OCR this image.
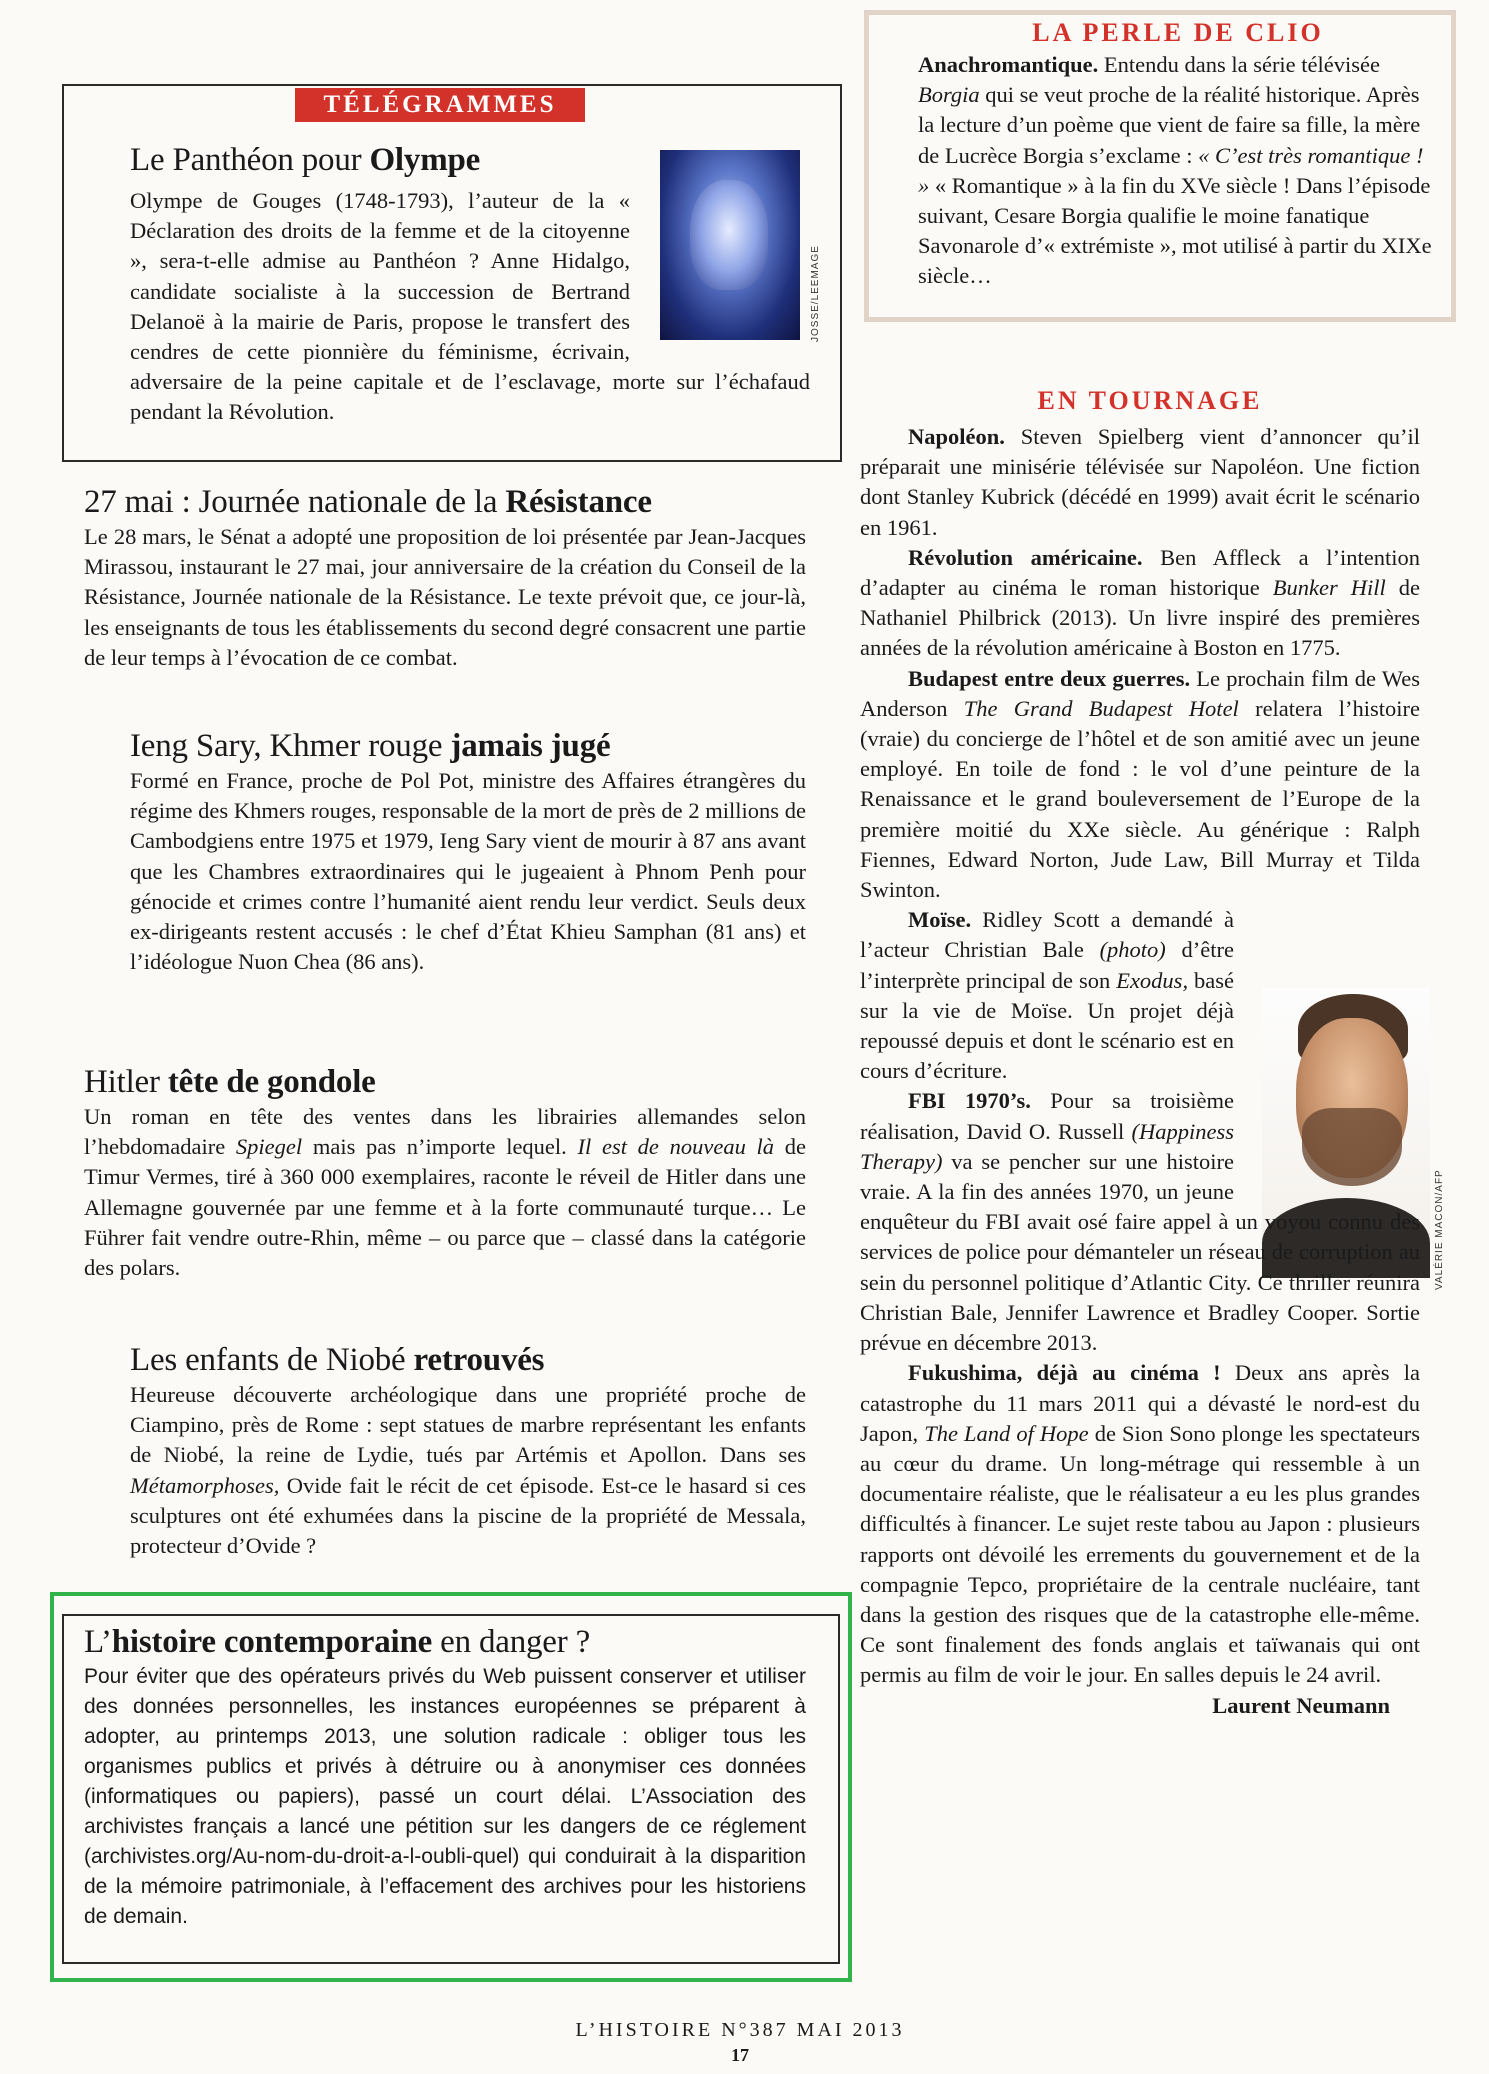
TÉLÉGRAMMES
JOSSE/LEEMAGE
Le Panthéon pour Olympe

Olympe de Gouges (1748-1793), l’auteur de la « Déclaration des droits de la femme et de la citoyenne », sera-t-elle admise au Panthéon ? Anne Hidalgo, candidate socialiste à la succession de Bertrand Delanoë à la mairie de Paris, propose le transfert des cendres de cette pionnière du féminisme, écrivain, adversaire de la peine capitale et de l’esclavage, morte sur l’échafaud pendant la Révolution.

27 mai : Journée nationale de la Résistance

Le 28 mars, le Sénat a adopté une proposition de loi présentée par Jean-Jacques Mirassou, instaurant le 27 mai, jour anniversaire de la création du Conseil de la Résistance, Journée nationale de la Résistance. Le texte prévoit que, ce jour-là, les enseignants de tous les établissements du second degré consacrent une partie de leur temps à l’évocation de ce combat.

Ieng Sary, Khmer rouge jamais jugé

Formé en France, proche de Pol Pot, ministre des Affaires étrangères du régime des Khmers rouges, responsable de la mort de près de 2 millions de Cambodgiens entre 1975 et 1979, Ieng Sary vient de mourir à 87 ans avant que les Chambres extraordinaires qui le jugeaient à Phnom Penh pour génocide et crimes contre l’humanité aient rendu leur verdict. Seuls deux ex-dirigeants restent accusés : le chef d’État Khieu Samphan (81 ans) et l’idéologue Nuon Chea (86 ans).

Hitler tête de gondole

Un roman en tête des ventes dans les librairies allemandes selon l’hebdomadaire Spiegel mais pas n’importe lequel. Il est de nouveau là de Timur Vermes, tiré à 360 000 exemplaires, raconte le réveil de Hitler dans une Allemagne gouvernée par une femme et à la forte communauté turque… Le Führer fait vendre outre-Rhin, même – ou parce que – classé dans la catégorie des polars.

Les enfants de Niobé retrouvés

Heureuse découverte archéologique dans une propriété proche de Ciampino, près de Rome : sept statues de marbre représentant les enfants de Niobé, la reine de Lydie, tués par Artémis et Apollon. Dans ses Métamorphoses, Ovide fait le récit de cet épisode. Est-ce le hasard si ces sculptures ont été exhumées dans la piscine de la propriété de Messala, protecteur d’Ovide ?

L’histoire contemporaine en danger ?

Pour éviter que des opérateurs privés du Web puissent conserver et utiliser des données personnelles, les instances européennes se préparent à adopter, au printemps 2013, une solution radicale : obliger tous les organismes publics et privés à détruire ou à anonymiser ces données (informatiques ou papiers), passé un court délai. L’Association des archivistes français a lancé une pétition sur les dangers de ce réglement (archivistes.org/Au-nom-du-droit-a-l-oubli-quel) qui conduirait à la disparition de la mémoire patrimoniale, à l’effacement des archives pour les historiens de demain.

LA PERLE DE CLIO

Anachromantique. Entendu dans la série télévisée Borgia qui se veut proche de la réalité historique. Après la lecture d’un poème que vient de faire sa fille, la mère de Lucrèce Borgia s’exclame : « C’est très romantique ! » « Romantique » à la fin du XVe siècle ! Dans l’épisode suivant, Cesare Borgia qualifie le moine fanatique Savonarole d’« extrémiste », mot utilisé à partir du XIXe siècle…

EN TOURNAGE
VALÉRIE MACON/AFP

Napoléon. Steven Spielberg vient d’annoncer qu’il préparait une minisérie télévisée sur Napoléon. Une fiction dont Stanley Kubrick (décédé en 1999) avait écrit le scénario en 1961.

Révolution américaine. Ben Affleck a l’intention d’adapter au cinéma le roman historique Bunker Hill de Nathaniel Philbrick (2013). Un livre inspiré des premières années de la révolution américaine à Boston en 1775.

Budapest entre deux guerres. Le prochain film de Wes Anderson The Grand Budapest Hotel relatera l’histoire (vraie) du concierge de l’hôtel et de son amitié avec un jeune employé. En toile de fond : le vol d’une peinture de la Renaissance et le grand bouleversement de l’Europe de la première moitié du XXe siècle. Au générique : Ralph Fiennes, Edward Norton, Jude Law, Bill Murray et Tilda Swinton.

Moïse. Ridley Scott a demandé à l’acteur Christian Bale (photo) d’être l’interprète principal de son Exodus, basé sur la vie de Moïse. Un projet déjà repoussé depuis et dont le scénario est en cours d’écriture.

FBI 1970’s. Pour sa troisième réalisation, David O. Russell (Happiness Therapy) va se pencher sur une histoire vraie. A la fin des années 1970, un jeune enquêteur du FBI avait osé faire appel à un voyou connu des services de police pour démanteler un réseau de corruption au sein du personnel politique d’Atlantic City. Ce thriller réunira Christian Bale, Jennifer Lawrence et Bradley Cooper. Sortie prévue en décembre 2013.

Fukushima, déjà au cinéma ! Deux ans après la catastrophe du 11 mars 2011 qui a dévasté le nord-est du Japon, The Land of Hope de Sion Sono plonge les spectateurs au cœur du drame. Un long-métrage qui ressemble à un documentaire réaliste, que le réalisateur a eu les plus grandes difficultés à financer. Le sujet reste tabou au Japon : plusieurs rapports ont dévoilé les errements du gouvernement et de la compagnie Tepco, propriétaire de la centrale nucléaire, tant dans la gestion des risques que de la catastrophe elle-même. Ce sont finalement des fonds anglais et taïwanais qui ont permis au film de voir le jour. En salles depuis le 24 avril.

Laurent Neumann

L’HISTOIRE N°387 MAI 2013
17
